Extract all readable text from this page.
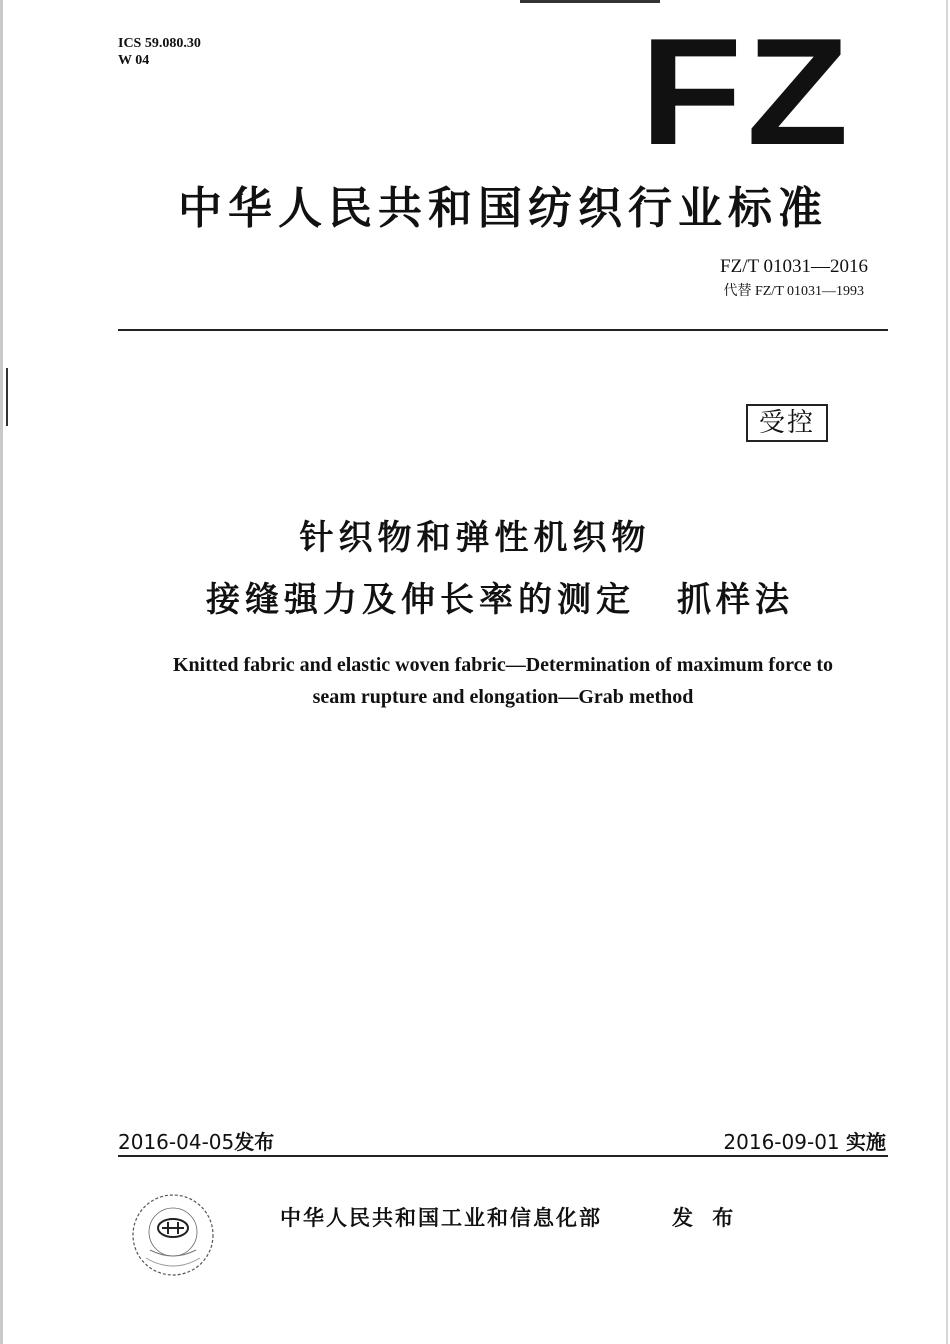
ICS 59.080.30
W 04	FZ
中华人民共和国纺织行业标准
FZ/T 01031—2016
代替 FZ/T 01031—1993
受控
针织物和弹性机织物
接缝强力及伸长率的测定 抓样法
Knitted fabric and elastic woven fabric—Determination of maximum force to
seam rupture and elongation—Grab method
2016-04-05发布	2016-09-01 实施
中华人民共和国工业和信息化部	发 布
